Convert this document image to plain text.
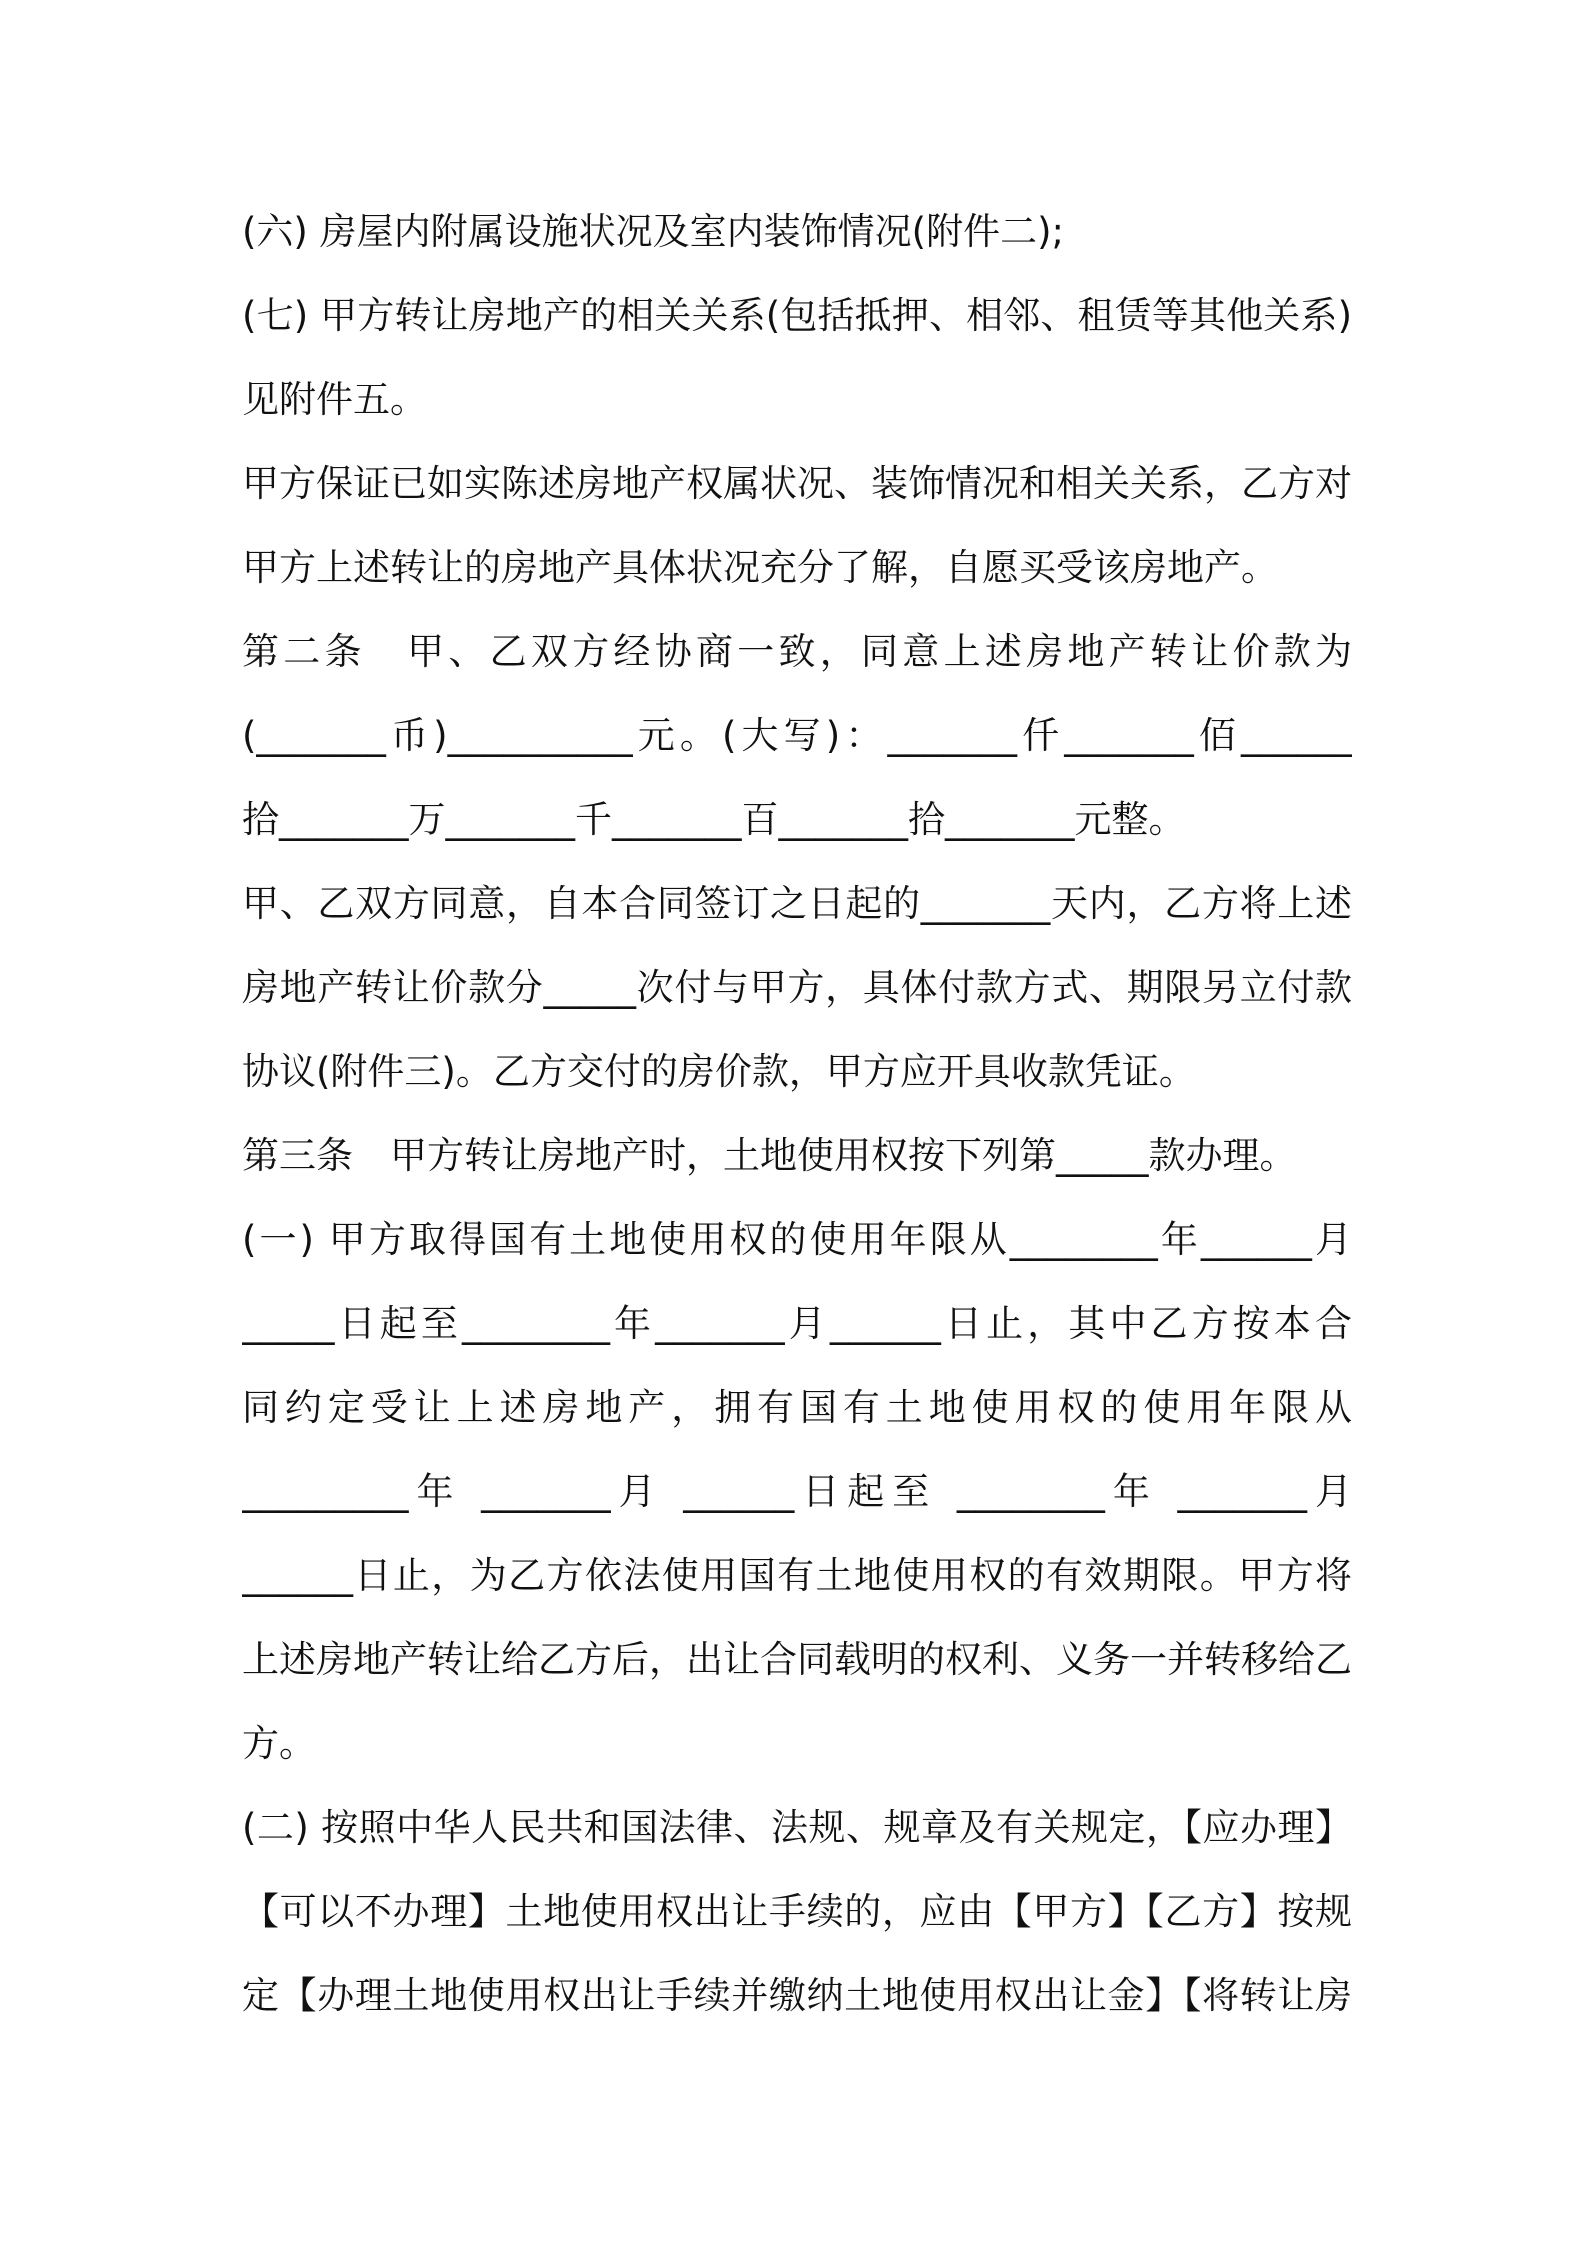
(六) 房屋内附属设施状况及室内装饰情况(附件二);
(七) 甲方转让房地产的相关关系(包括抵押、相邻、租赁等其他关系)
见附件五。
甲方保证已如实陈述房地产权属状况、装饰情况和相关关系，乙方对
甲方上述转让的房地产具体状况充分了解，自愿买受该房地产。
第二条　甲、乙双方经协商一致，同意上述房地产转让价款为
(_______币)__________元。(大写)：_______仟_______佰______
拾_______万_______千_______百_______拾_______元整。
甲、乙双方同意，自本合同签订之日起的_______天内，乙方将上述
房地产转让价款分_____次付与甲方，具体付款方式、期限另立付款
协议(附件三)。乙方交付的房价款，甲方应开具收款凭证。
第三条　甲方转让房地产时，土地使用权按下列第_____款办理。
(一) 甲方取得国有土地使用权的使用年限从________年______月
_____日起至________年_______月______日止，其中乙方按本合
同约定受让上述房地产，拥有国有土地使用权的使用年限从
_________年 _______月 ______日起至 ________年 _______月
______日止，为乙方依法使用国有土地使用权的有效期限。甲方将
上述房地产转让给乙方后，出让合同载明的权利、义务一并转移给乙
方。
(二) 按照中华人民共和国法律、法规、规章及有关规定，【应办理】
【可以不办理】土地使用权出让手续的，应由【甲方】【乙方】按规
定【办理土地使用权出让手续并缴纳土地使用权出让金】【将转让房
